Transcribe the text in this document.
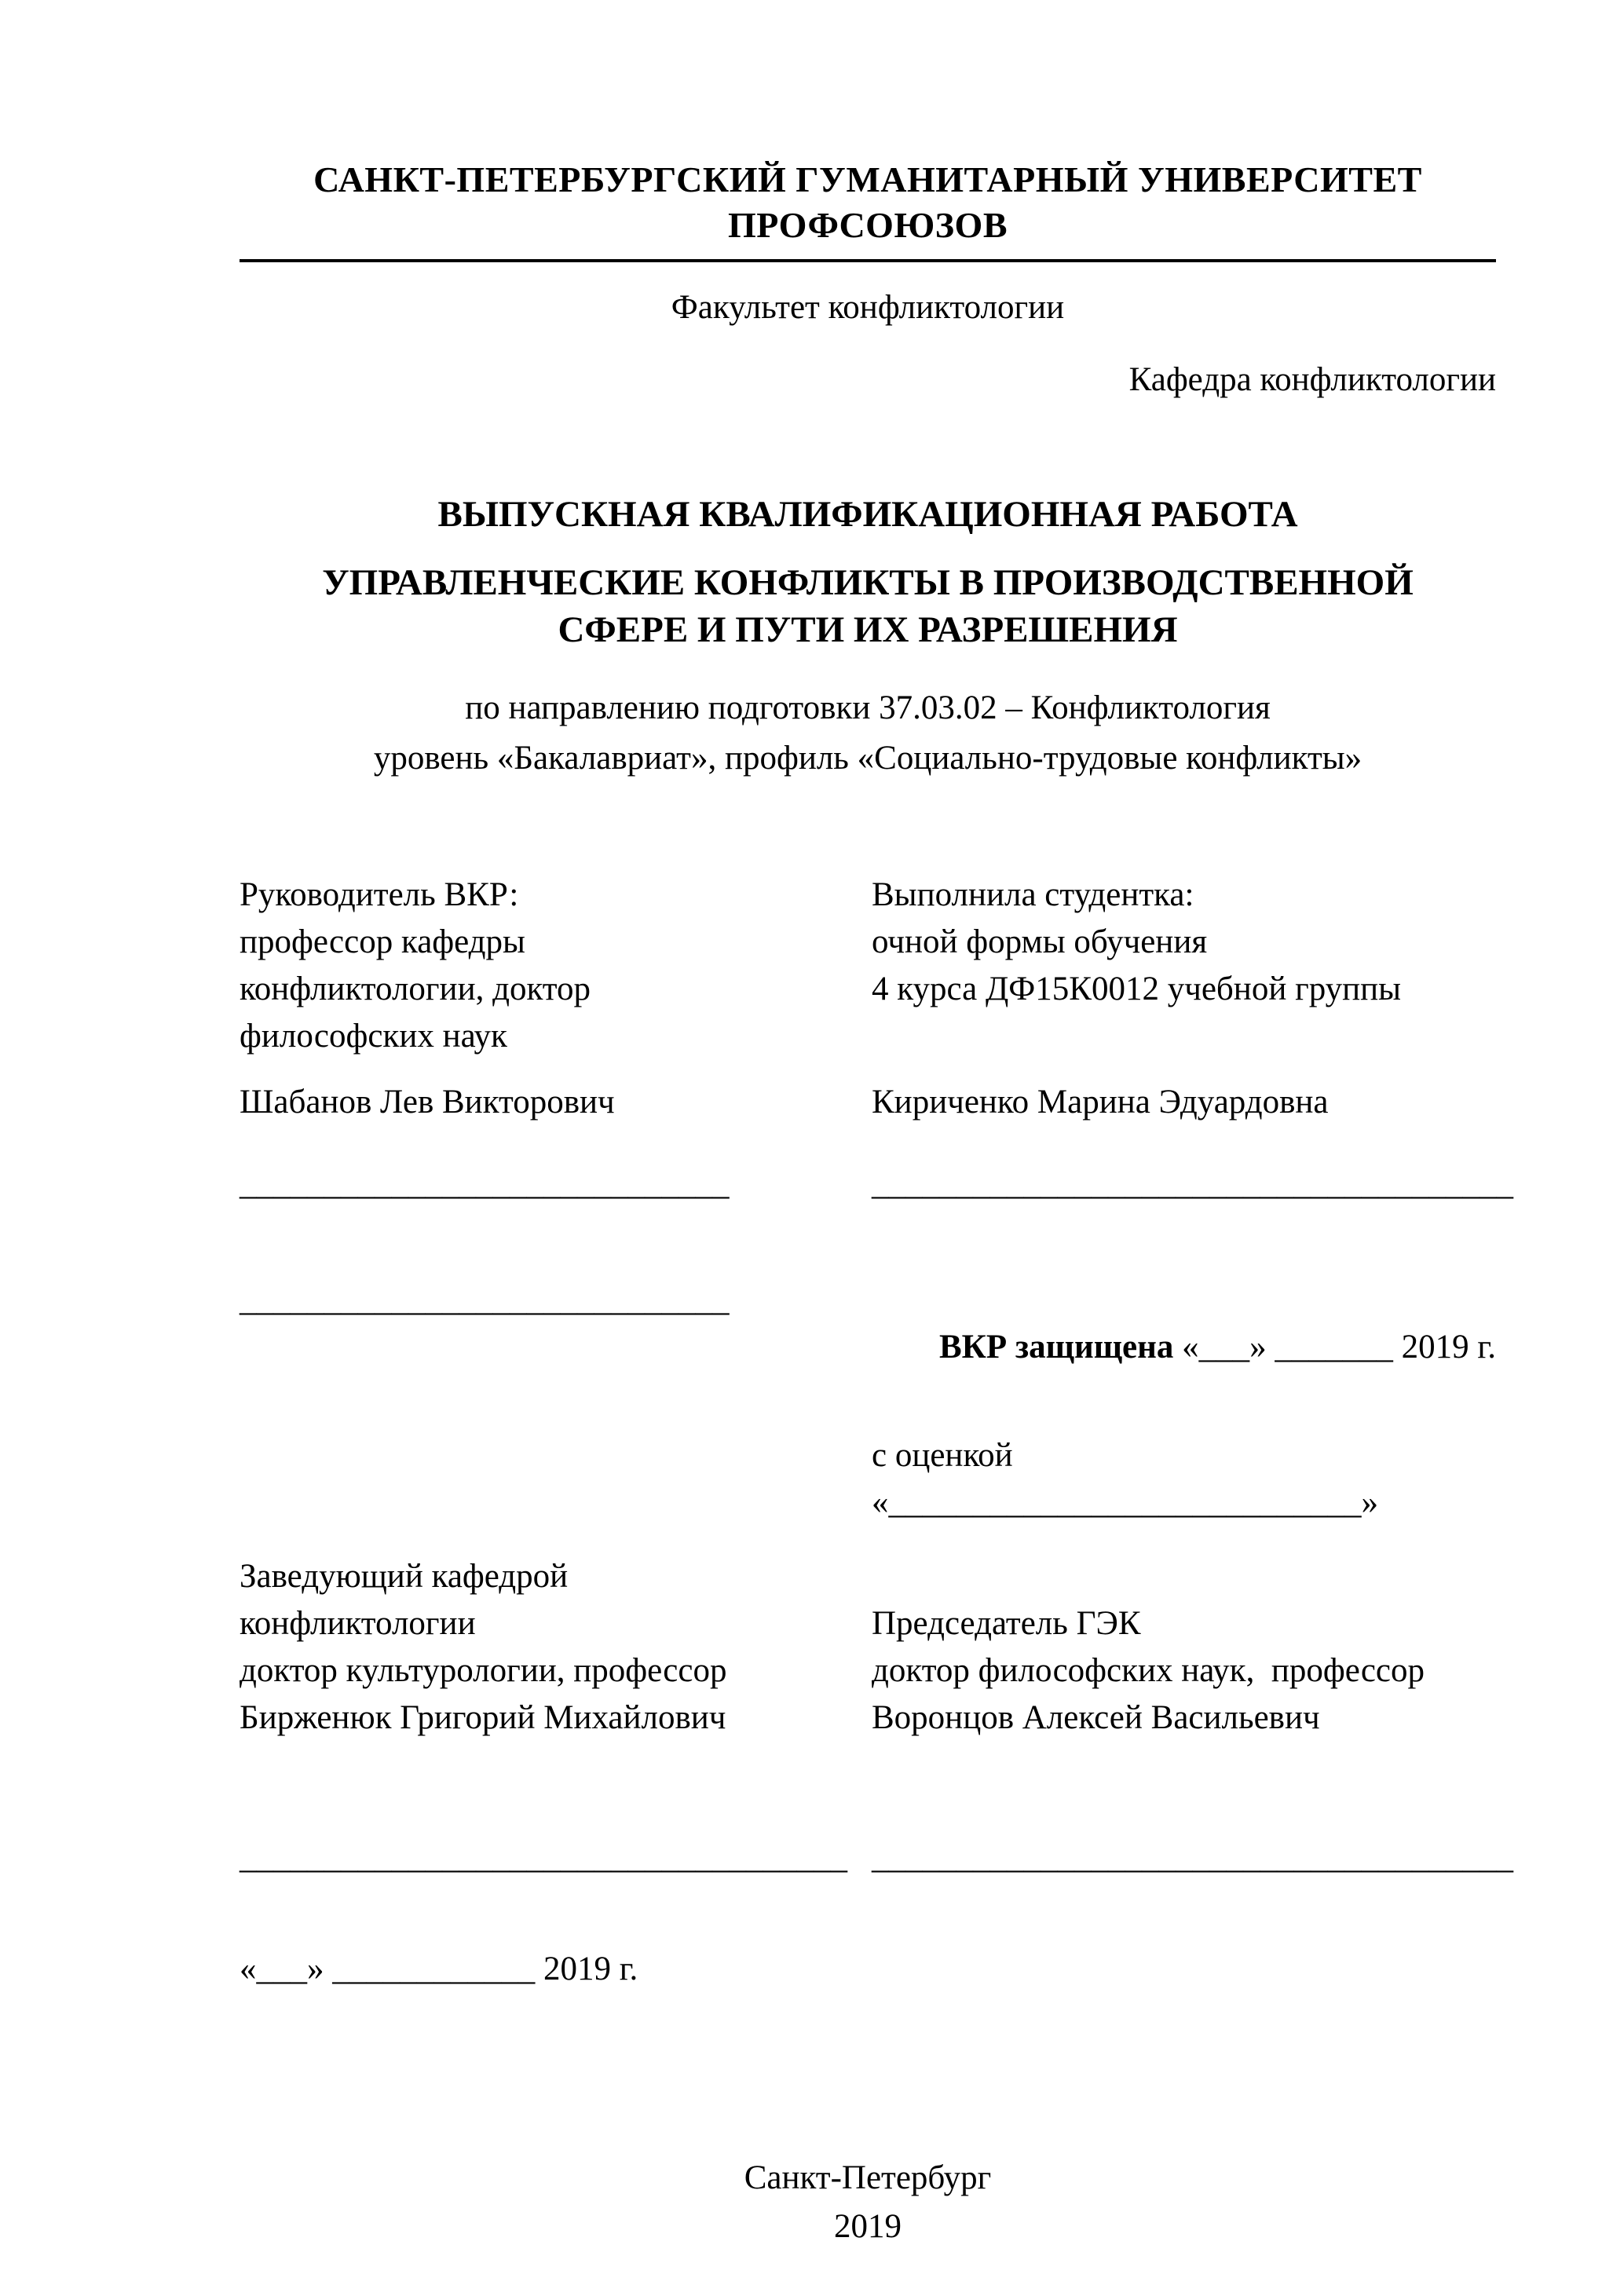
САНКТ-ПЕТЕРБУРГСКИЙ ГУМАНИТАРНЫЙ УНИВЕРСИТЕТ
ПРОФСОЮЗОВ
Факультет конфликтологии
Кафедра конфликтологии
ВЫПУСКНАЯ КВАЛИФИКАЦИОННАЯ РАБОТА
УПРАВЛЕНЧЕСКИЕ КОНФЛИКТЫ В ПРОИЗВОДСТВЕННОЙ
СФЕРЕ И ПУТИ ИХ РАЗРЕШЕНИЯ
по направлению подготовки 37.03.02 – Конфликтология
уровень «Бакалавриат», профиль «Социально-трудовые конфликты»
Руководитель ВКР:
профессор кафедры
конфликтологии, доктор
философских наук
Выполнила студентка:
очной формы обучения
4 курса ДФ15К0012 учебной группы
Шабанов Лев Викторович	Кириченко Марина Эдуардовна
_____________________________	______________________________________
_____________________________

ВКР защищена «___» _______ 2019 г.

с оценкой «____________________________»
Заведующий кафедрой
конфликтологии
доктор культурологии, профессор
Бирженюк Григорий Михайлович
Председатель ГЭК
доктор философских наук,  профессор
Воронцов Алексей Васильевич
____________________________________ ______________________________________
«___» ____________ 2019 г.
Санкт-Петербург
2019
